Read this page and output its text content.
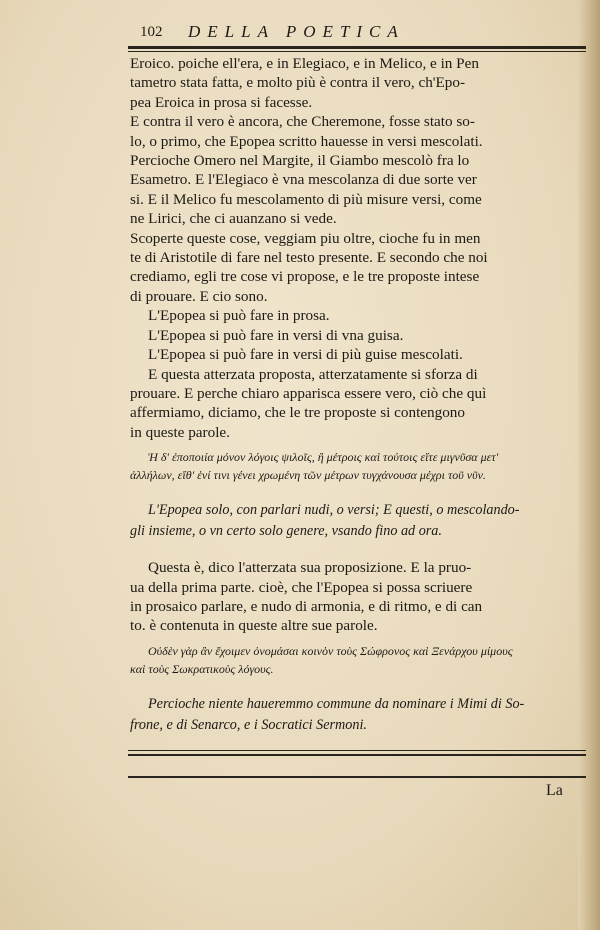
102 DELLA POETICA

Eroico. poiche ell'era, e in Elegiaco, e in Melico, e in Pen

tametro stata fatta, e molto più è contra il vero, ch'Epo-

pea Eroica in prosa si facesse.

E contra il vero è ancora, che Cheremone, fosse stato so-

lo, o primo, che Epopea scritto hauesse in versi mescolati.

Percioche Omero nel Margite, il Giambo mescolò fra lo

Esametro. E l'Elegiaco è vna mescolanza di due sorte ver

si. E il Melico fu mescolamento di più misure versi, come

ne Lirici, che ci auanzano si vede.

Scoperte queste cose, veggiam piu oltre, cioche fu in men

te di Aristotile di fare nel testo presente. E secondo che noi

crediamo, egli tre cose vi propose, e le tre proposte intese

di prouare. E cio sono.

L'Epopea si può fare in prosa.

L'Epopea si può fare in versi di vna guisa.

L'Epopea si può fare in versi di più guise mescolati.

E questa atterzata proposta, atterzatamente si sforza di

prouare. E perche chiaro apparisca essere vero, ciò che quì

affermiamo, diciamo, che le tre proposte si contengono

in queste parole.

Ἡ δ' ἐποποιία μόνον λόγοις ψιλοῖς, ἢ μέτροις καὶ τούτοις εἴτε μιγνῦσα μετ'

ἀλλήλων, εἴθ' ἑνί τινι γένει χρωμένη τῶν μέτρων τυγχάνουσα μέχρι τοῦ νῦν.

L'Epopea solo, con parlari nudi, o versi; E questi, o mescolando-

gli insieme, o vn certo solo genere, vsando fino ad ora.

Questa è, dico l'atterzata sua proposizione. E la pruo-

ua della prima parte. cioè, che l'Epopea si possa scriuere

in prosaico parlare, e nudo di armonia, e di ritmo, e di can

to. è contenuta in queste altre sue parole.

Οὐδὲν γὰρ ἂν ἔχοιμεν ὀνομάσαι κοινὸν τοὺς Σώφρονος καὶ Ξενάρχου μίμους

καὶ τοὺς Σωκρατικοὺς λόγους.

Percioche niente haueremmo commune da nominare i Mimi di So-

frone, e di Senarco, e i Socratici Sermoni.

La
